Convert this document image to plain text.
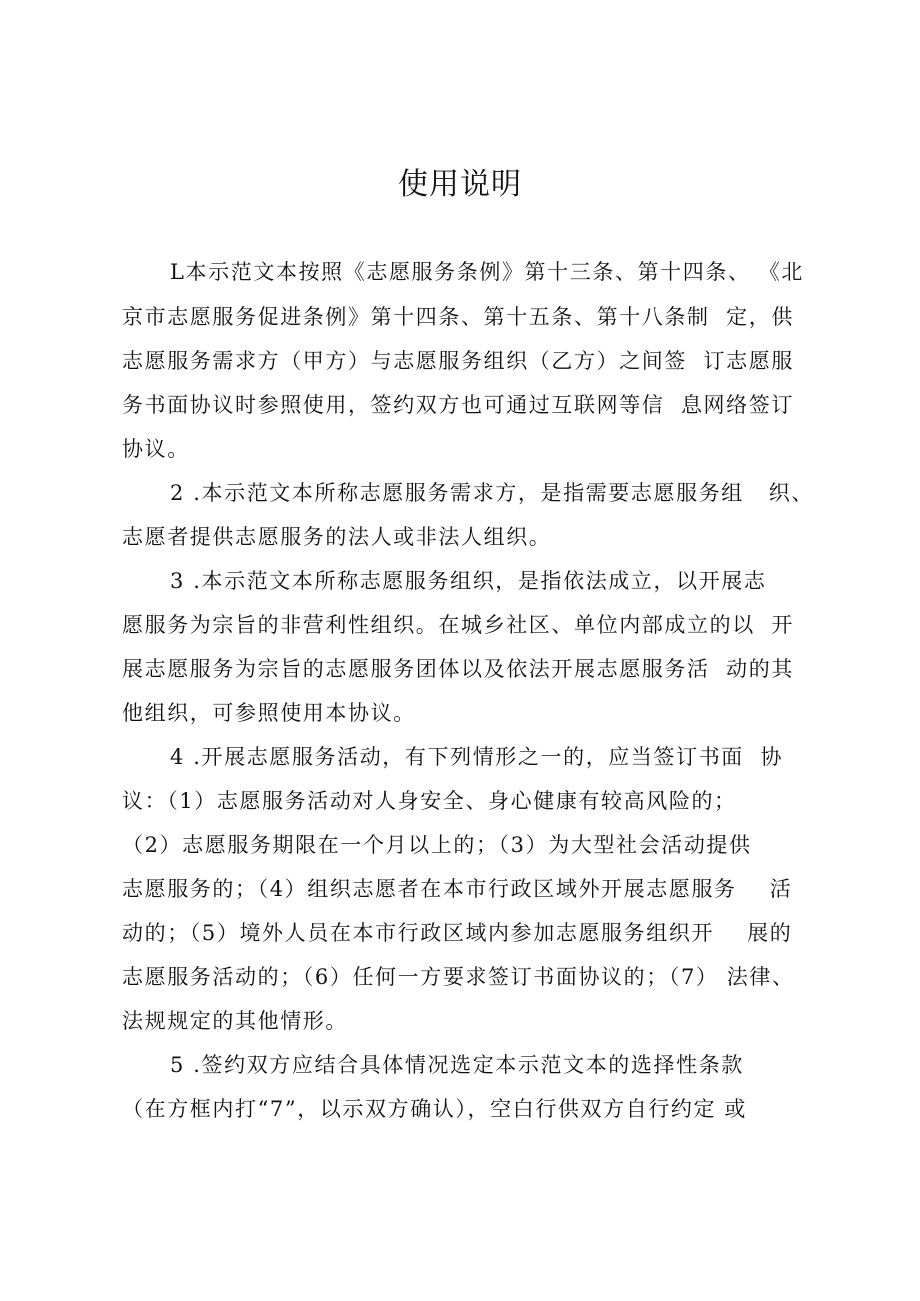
使用说明
L本示范文本按照《志愿服务条例》第十三条、第十四条、 《北
京市志愿服务促进条例》第十四条、第十五条、第十八条制  定，供
志愿服务需求方（甲方）与志愿服务组织（乙方）之间签  订志愿服
务书面协议时参照使用，签约双方也可通过互联网等信  息网络签订
协议。
2 .本示范文本所称志愿服务需求方，是指需要志愿服务组   织、
志愿者提供志愿服务的法人或非法人组织。
3 .本示范文本所称志愿服务组织，是指依法成立，以开展志
愿服务为宗旨的非营利性组织。在城乡社区、单位内部成立的以  开
展志愿服务为宗旨的志愿服务团体以及依法开展志愿服务活  动的其
他组织，可参照使用本协议。
4 .开展志愿服务活动，有下列情形之一的，应当签订书面  协
议：（1）志愿服务活动对人身安全、身心健康有较高风险的；
（2）志愿服务期限在一个月以上的；（3）为大型社会活动提供
志愿服务的；（4）组织志愿者在本市行政区域外开展志愿服务    活
动的；（5）境外人员在本市行政区域内参加志愿服务组织开    展的
志愿服务活动的；（6）任何一方要求签订书面协议的；（7） 法律、
法规规定的其他情形。
5 .签约双方应结合具体情况选定本示范文本的选择性条款
（在方框内打“7”，以示双方确认），空白行供双方自行约定 或
